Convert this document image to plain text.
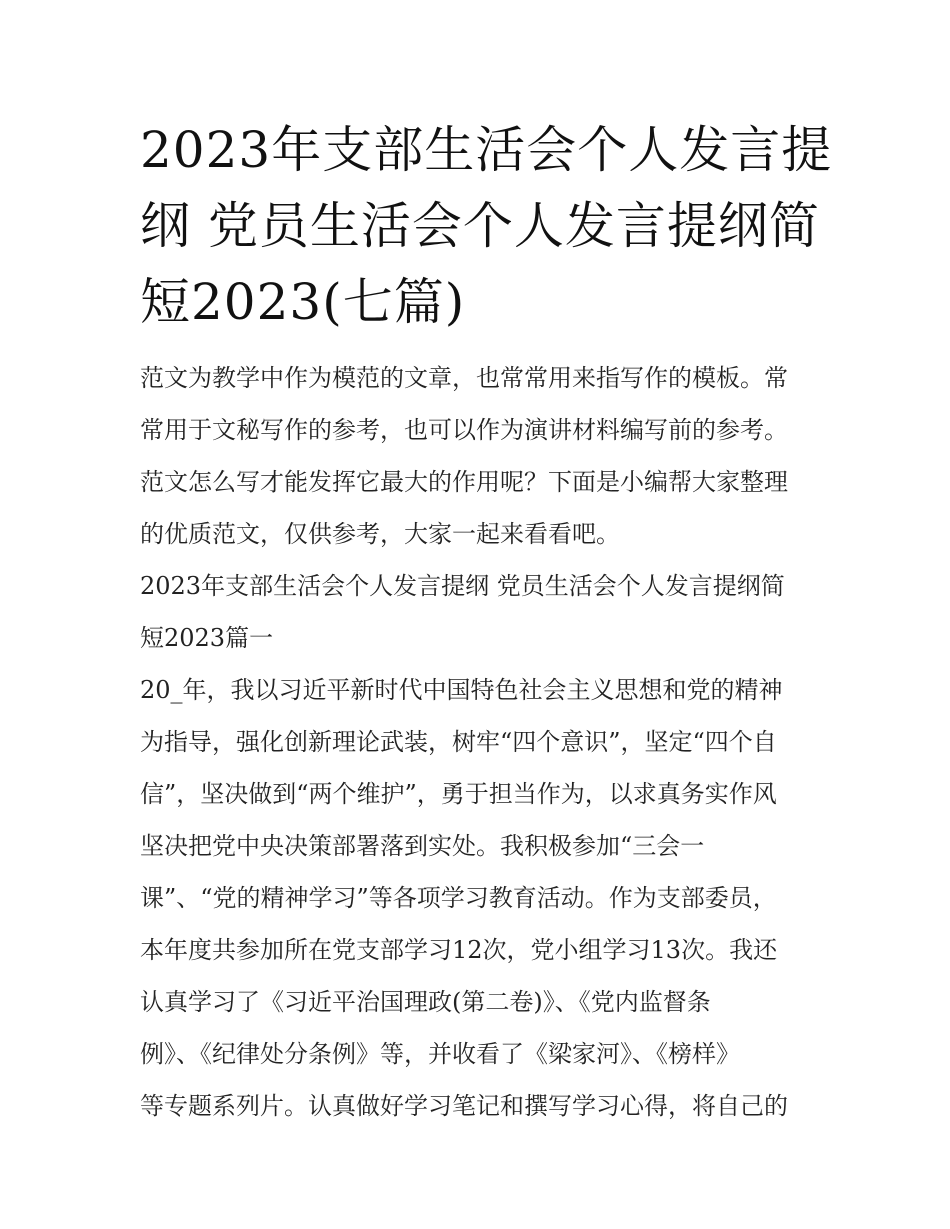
2023年支部生活会个人发言提
纲 党员生活会个人发言提纲简
短2023(七篇)
范文为教学中作为模范的文章，也常常用来指写作的模板。常
常用于文秘写作的参考，也可以作为演讲材料编写前的参考。
范文怎么写才能发挥它最大的作用呢？下面是小编帮大家整理
的优质范文，仅供参考，大家一起来看看吧。
2023年支部生活会个人发言提纲 党员生活会个人发言提纲简
短2023篇一
20_年，我以习近平新时代中国特色社会主义思想和党的精神
为指导，强化创新理论武装，树牢“四个意识”，坚定“四个自
信”，坚决做到“两个维护”，勇于担当作为，以求真务实作风
坚决把党中央决策部署落到实处。我积极参加“三会一
课”、“党的精神学习”等各项学习教育活动。作为支部委员，
本年度共参加所在党支部学习12次，党小组学习13次。我还
认真学习了《习近平治国理政(第二卷)》、《党内监督条
例》、《纪律处分条例》等，并收看了《梁家河》、《榜样》
等专题系列片。认真做好学习笔记和撰写学习心得，将自己的
